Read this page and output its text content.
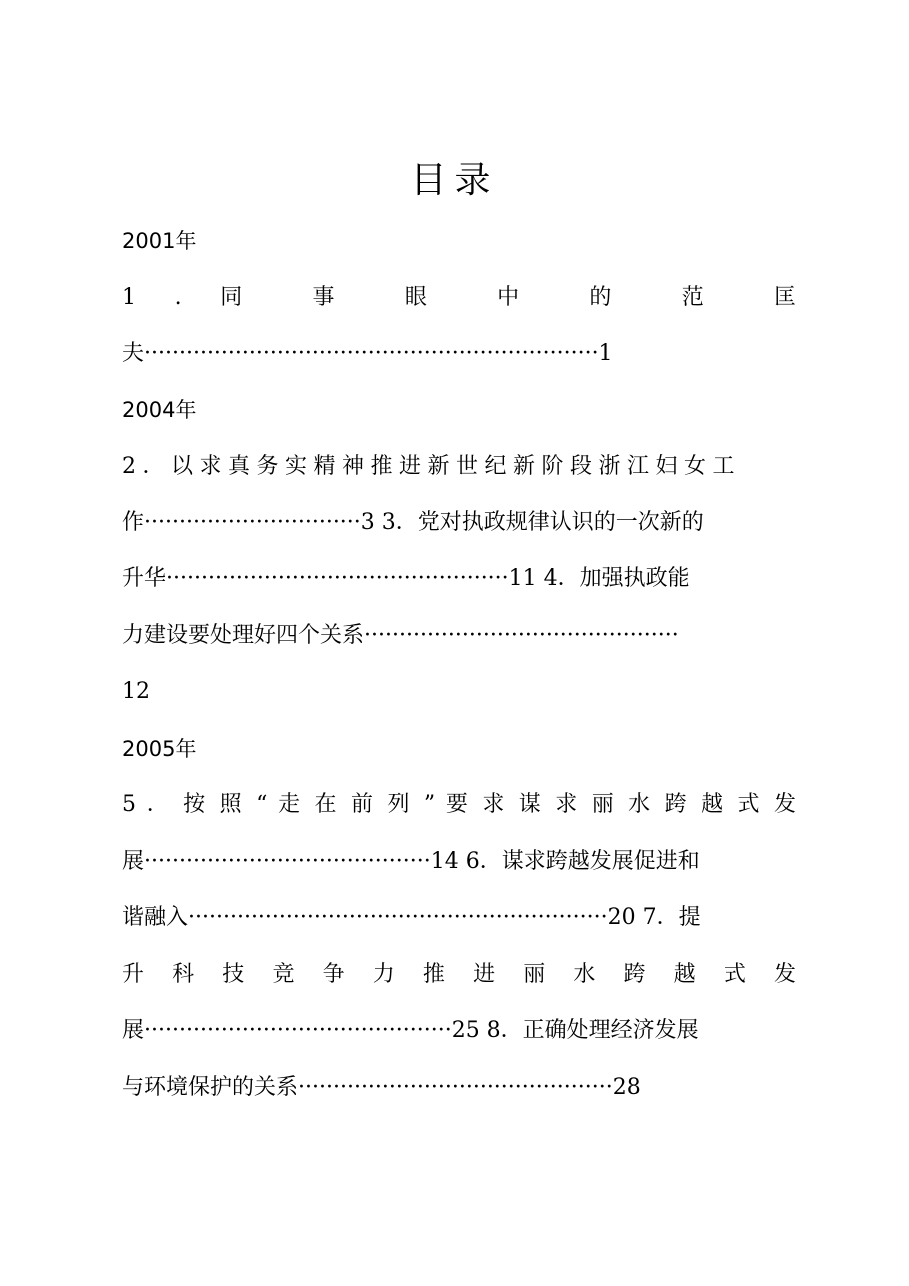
目录
2001年
1 . 同 事 眼 中 的 范 匡
夫·································································1
2004年
2．以求真务实精神推进新世纪新阶段浙江妇女工
作·······························3 3．党对执政规律认识的一次新的
升华·················································11 4．加强执政能
力建设要处理好四个关系·············································
12
2005年
5 ． 按 照 “ 走 在 前 列 ” 要 求 谋 求 丽 水 跨 越 式 发
展·········································14 6．谋求跨越发展促进和
谐融入····························································20 7．提
升 科 技 竞 争 力 推 进 丽 水 跨 越 式 发
展············································25 8．正确处理经济发展
与环境保护的关系·············································28
